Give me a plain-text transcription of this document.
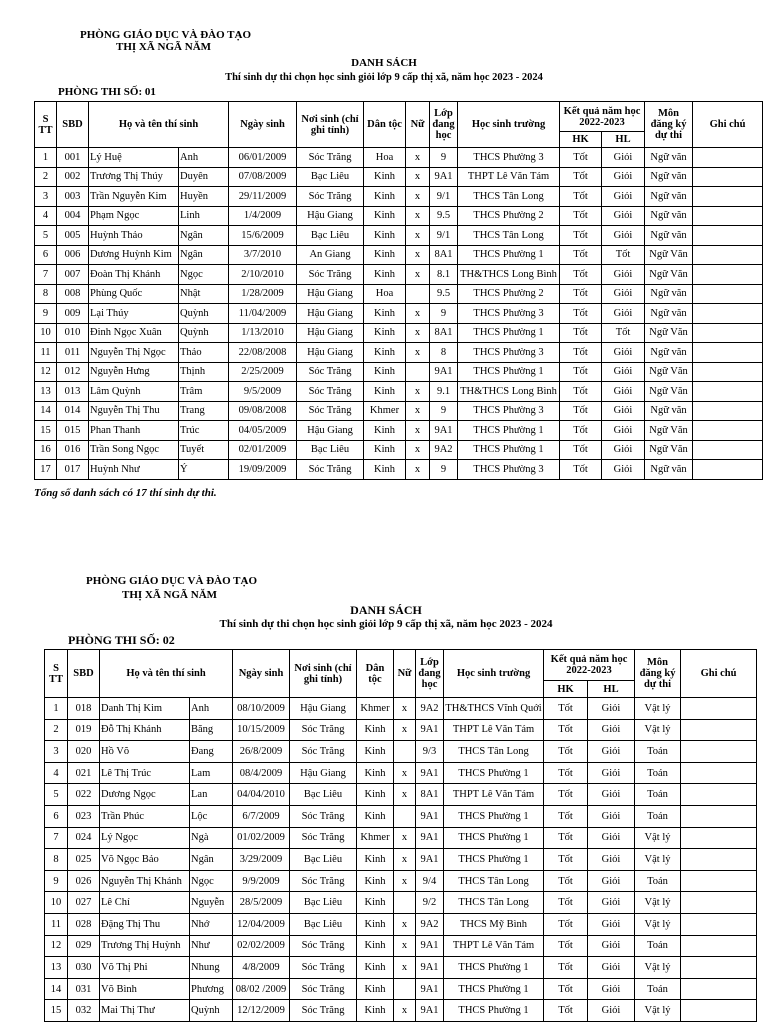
PHÒNG GIÁO DỤC VÀ ĐÀO TẠO
THỊ XÃ NGÃ NĂM
DANH SÁCH
Thí sinh dự thi chọn học sinh giỏi lớp 9 cấp thị xã, năm học 2023 - 2024
PHÒNG THI SỐ: 01
S TT	SBD	Họ và tên thí sinh		Ngày sinh	Nơi sinh (chỉ ghi tỉnh)	Dân tộc	Nữ	Lớp đang học	Học sinh trường	Kết quả năm học 2022-2023		Môn đăng ký dự thi	Ghi chú
										HK	HL		
1	001	Lý Huệ	Anh	06/01/2009	Sóc Trăng	Hoa	x	9	THCS Phường 3	Tốt	Giỏi	Ngữ văn	
2	002	Trương Thị Thúy	Duyên	07/08/2009	Bạc Liêu	Kinh	x	9A1	THPT Lê Văn Tám	Tốt	Giỏi	Ngữ văn	
3	003	Trần Nguyễn Kim	Huyền	29/11/2009	Sóc Trăng	Kinh	x	9/1	THCS Tân Long	Tốt	Giỏi	Ngữ văn	
4	004	Phạm Ngọc	Linh	1/4/2009	Hậu Giang	Kinh	x	9.5	THCS Phường 2	Tốt	Giỏi	Ngữ văn	
5	005	Huỳnh Thảo	Ngân	15/6/2009	Bạc Liêu	Kinh	x	9/1	THCS Tân Long	Tốt	Giỏi	Ngữ văn	
6	006	Dương Huỳnh Kim	Ngân	3/7/2010	An Giang	Kinh	x	8A1	THCS Phường 1	Tốt	Tốt	Ngữ Văn	
7	007	Đoàn Thị Khánh	Ngọc	2/10/2010	Sóc Trăng	Kinh	x	8.1	TH&THCS Long Bình	Tốt	Giỏi	Ngữ Văn	
8	008	Phùng Quốc	Nhật	1/28/2009	Hậu Giang	Hoa		9.5	THCS Phường 2	Tốt	Giỏi	Ngữ văn	
9	009	Lại Thúy	Quỳnh	11/04/2009	Hậu Giang	Kinh	x	9	THCS Phường 3	Tốt	Giỏi	Ngữ văn	
10	010	Đinh Ngọc Xuân	Quỳnh	1/13/2010	Hậu Giang	Kinh	x	8A1	THCS Phường 1	Tốt	Tốt	Ngữ Văn	
11	011	Nguyễn Thị Ngọc	Thảo	22/08/2008	Hậu Giang	Kinh	x	8	THCS Phường 3	Tốt	Giỏi	Ngữ văn	
12	012	Nguyễn Hưng	Thịnh	2/25/2009	Sóc Trăng	Kinh		9A1	THCS Phường 1	Tốt	Giỏi	Ngữ Văn	
13	013	Lâm Quỳnh	Trâm	9/5/2009	Sóc Trăng	Kinh	x	9.1	TH&THCS Long Bình	Tốt	Giỏi	Ngữ Văn	
14	014	Nguyễn Thị Thu	Trang	09/08/2008	Sóc Trăng	Khmer	x	9	THCS Phường 3	Tốt	Giỏi	Ngữ văn	
15	015	Phan Thanh	Trúc	04/05/2009	Hậu Giang	Kinh	x	9A1	THCS Phường 1	Tốt	Giỏi	Ngữ Văn	
16	016	Trần Song Ngọc	Tuyết	02/01/2009	Bạc Liêu	Kinh	x	9A2	THCS Phường 1	Tốt	Giỏi	Ngữ Văn	
17	017	Huỳnh Như	Ý	19/09/2009	Sóc Trăng	Kinh	x	9	THCS Phường 3	Tốt	Giỏi	Ngữ văn	
Tổng số danh sách có 17 thí sinh dự thi.
PHÒNG GIÁO DỤC VÀ ĐÀO TẠO
THỊ XÃ NGÃ NĂM
DANH SÁCH
Thí sinh dự thi chọn học sinh giỏi lớp 9 cấp thị xã, năm học 2023 - 2024
PHÒNG THI SỐ: 02
S TT	SBD	Họ và tên thí sinh		Ngày sinh	Nơi sinh (chỉ ghi tỉnh)	Dân tộc	Nữ	Lớp đang học	Học sinh trường	Kết quả năm học 2022-2023		Môn đăng ký dự thi	Ghi chú
										HK	HL		
1	018	Danh Thị Kim	Anh	08/10/2009	Hậu Giang	Khmer	x	9A2	TH&THCS Vĩnh Quới	Tốt	Giỏi	Vật lý	
2	019	Đỗ Thị Khánh	Băng	10/15/2009	Sóc Trăng	Kinh	x	9A1	THPT Lê Văn Tám	Tốt	Giỏi	Vật lý	
3	020	Hồ Võ	Đang	26/8/2009	Sóc Trăng	Kinh		9/3	THCS Tân Long	Tốt	Giỏi	Toán	
4	021	Lê Thị Trúc	Lam	08/4/2009	Hậu Giang	Kinh	x	9A1	THCS Phường 1	Tốt	Giỏi	Toán	
5	022	Dương Ngọc	Lan	04/04/2010	Bạc Liêu	Kinh	x	8A1	THPT Lê Văn Tám	Tốt	Giỏi	Toán	
6	023	Trần Phúc	Lộc	6/7/2009	Sóc Trăng	Kinh		9A1	THCS Phường 1	Tốt	Giỏi	Toán	
7	024	Lý Ngọc	Ngà	01/02/2009	Sóc Trăng	Khmer	x	9A1	THCS Phường 1	Tốt	Giỏi	Vật lý	
8	025	Võ Ngọc Bảo	Ngân	3/29/2009	Bạc Liêu	Kinh	x	9A1	THCS Phường 1	Tốt	Giỏi	Vật lý	
9	026	Nguyễn Thị Khánh	Ngọc	9/9/2009	Sóc Trăng	Kinh	x	9/4	THCS Tân Long	Tốt	Giỏi	Toán	
10	027	Lê Chí	Nguyễn	28/5/2009	Bạc Liêu	Kinh		9/2	THCS Tân Long	Tốt	Giỏi	Vật lý	
11	028	Đặng Thị Thu	Nhớ	12/04/2009	Bạc Liêu	Kinh	x	9A2	THCS Mỹ Bình	Tốt	Giỏi	Vật lý	
12	029	Trương Thị Huỳnh	Như	02/02/2009	Sóc Trăng	Kinh	x	9A1	THPT Lê Văn Tám	Tốt	Giỏi	Toán	
13	030	Võ Thị Phi	Nhung	4/8/2009	Sóc Trăng	Kinh	x	9A1	THCS Phường 1	Tốt	Giỏi	Vật lý	
14	031	Võ Bình	Phương	08/02 /2009	Sóc Trăng	Kinh		9A1	THCS Phường 1	Tốt	Giỏi	Toán	
15	032	Mai Thị Thư	Quỳnh	12/12/2009	Sóc Trăng	Kinh	x	9A1	THCS Phường 1	Tốt	Giỏi	Vật lý	
